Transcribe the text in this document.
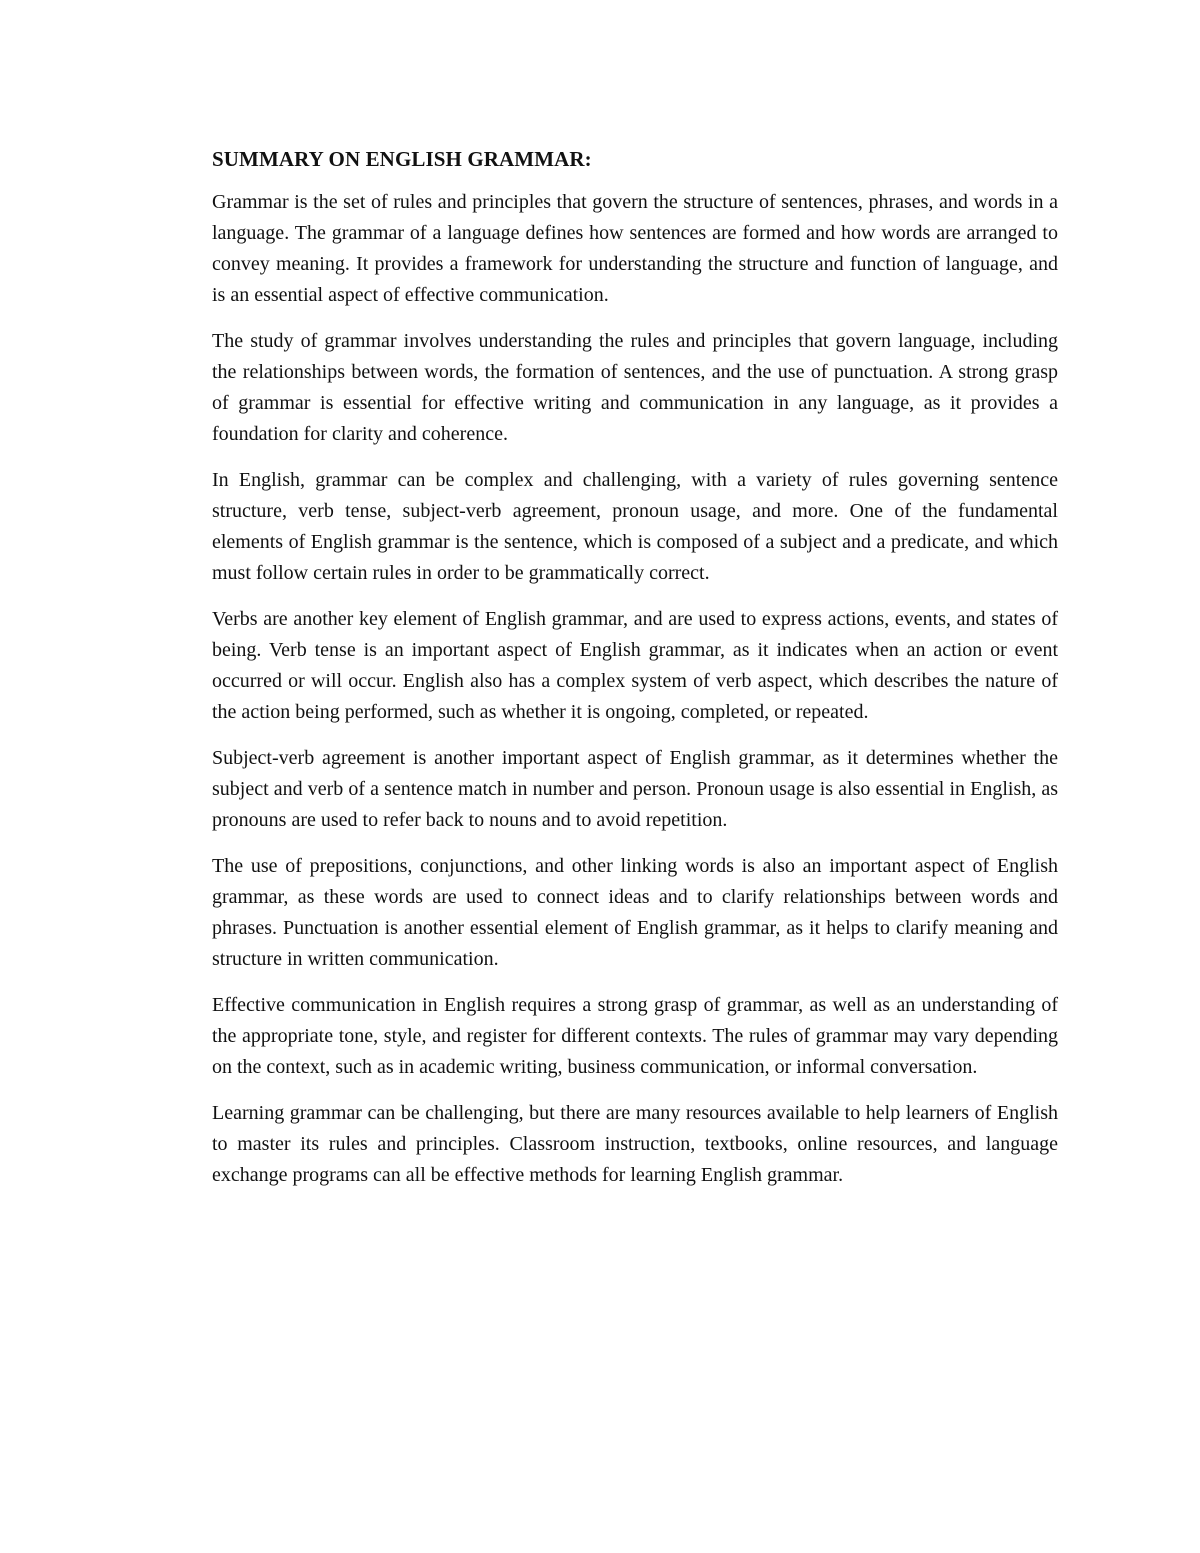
SUMMARY ON ENGLISH GRAMMAR:

Grammar is the set of rules and principles that govern the structure of sentences, phrases, and words in a language. The grammar of a language defines how sentences are formed and how words are arranged to convey meaning. It provides a framework for understanding the structure and function of language, and is an essential aspect of effective communication.

The study of grammar involves understanding the rules and principles that govern language, including the relationships between words, the formation of sentences, and the use of punctuation. A strong grasp of grammar is essential for effective writing and communication in any language, as it provides a foundation for clarity and coherence.

In English, grammar can be complex and challenging, with a variety of rules governing sentence structure, verb tense, subject-verb agreement, pronoun usage, and more. One of the fundamental elements of English grammar is the sentence, which is composed of a subject and a predicate, and which must follow certain rules in order to be grammatically correct.

Verbs are another key element of English grammar, and are used to express actions, events, and states of being. Verb tense is an important aspect of English grammar, as it indicates when an action or event occurred or will occur. English also has a complex system of verb aspect, which describes the nature of the action being performed, such as whether it is ongoing, completed, or repeated.

Subject-verb agreement is another important aspect of English grammar, as it determines whether the subject and verb of a sentence match in number and person. Pronoun usage is also essential in English, as pronouns are used to refer back to nouns and to avoid repetition.

The use of prepositions, conjunctions, and other linking words is also an important aspect of English grammar, as these words are used to connect ideas and to clarify relationships between words and phrases. Punctuation is another essential element of English grammar, as it helps to clarify meaning and structure in written communication.

Effective communication in English requires a strong grasp of grammar, as well as an understanding of the appropriate tone, style, and register for different contexts. The rules of grammar may vary depending on the context, such as in academic writing, business communication, or informal conversation.

Learning grammar can be challenging, but there are many resources available to help learners of English to master its rules and principles. Classroom instruction, textbooks, online resources, and language exchange programs can all be effective methods for learning English grammar.
